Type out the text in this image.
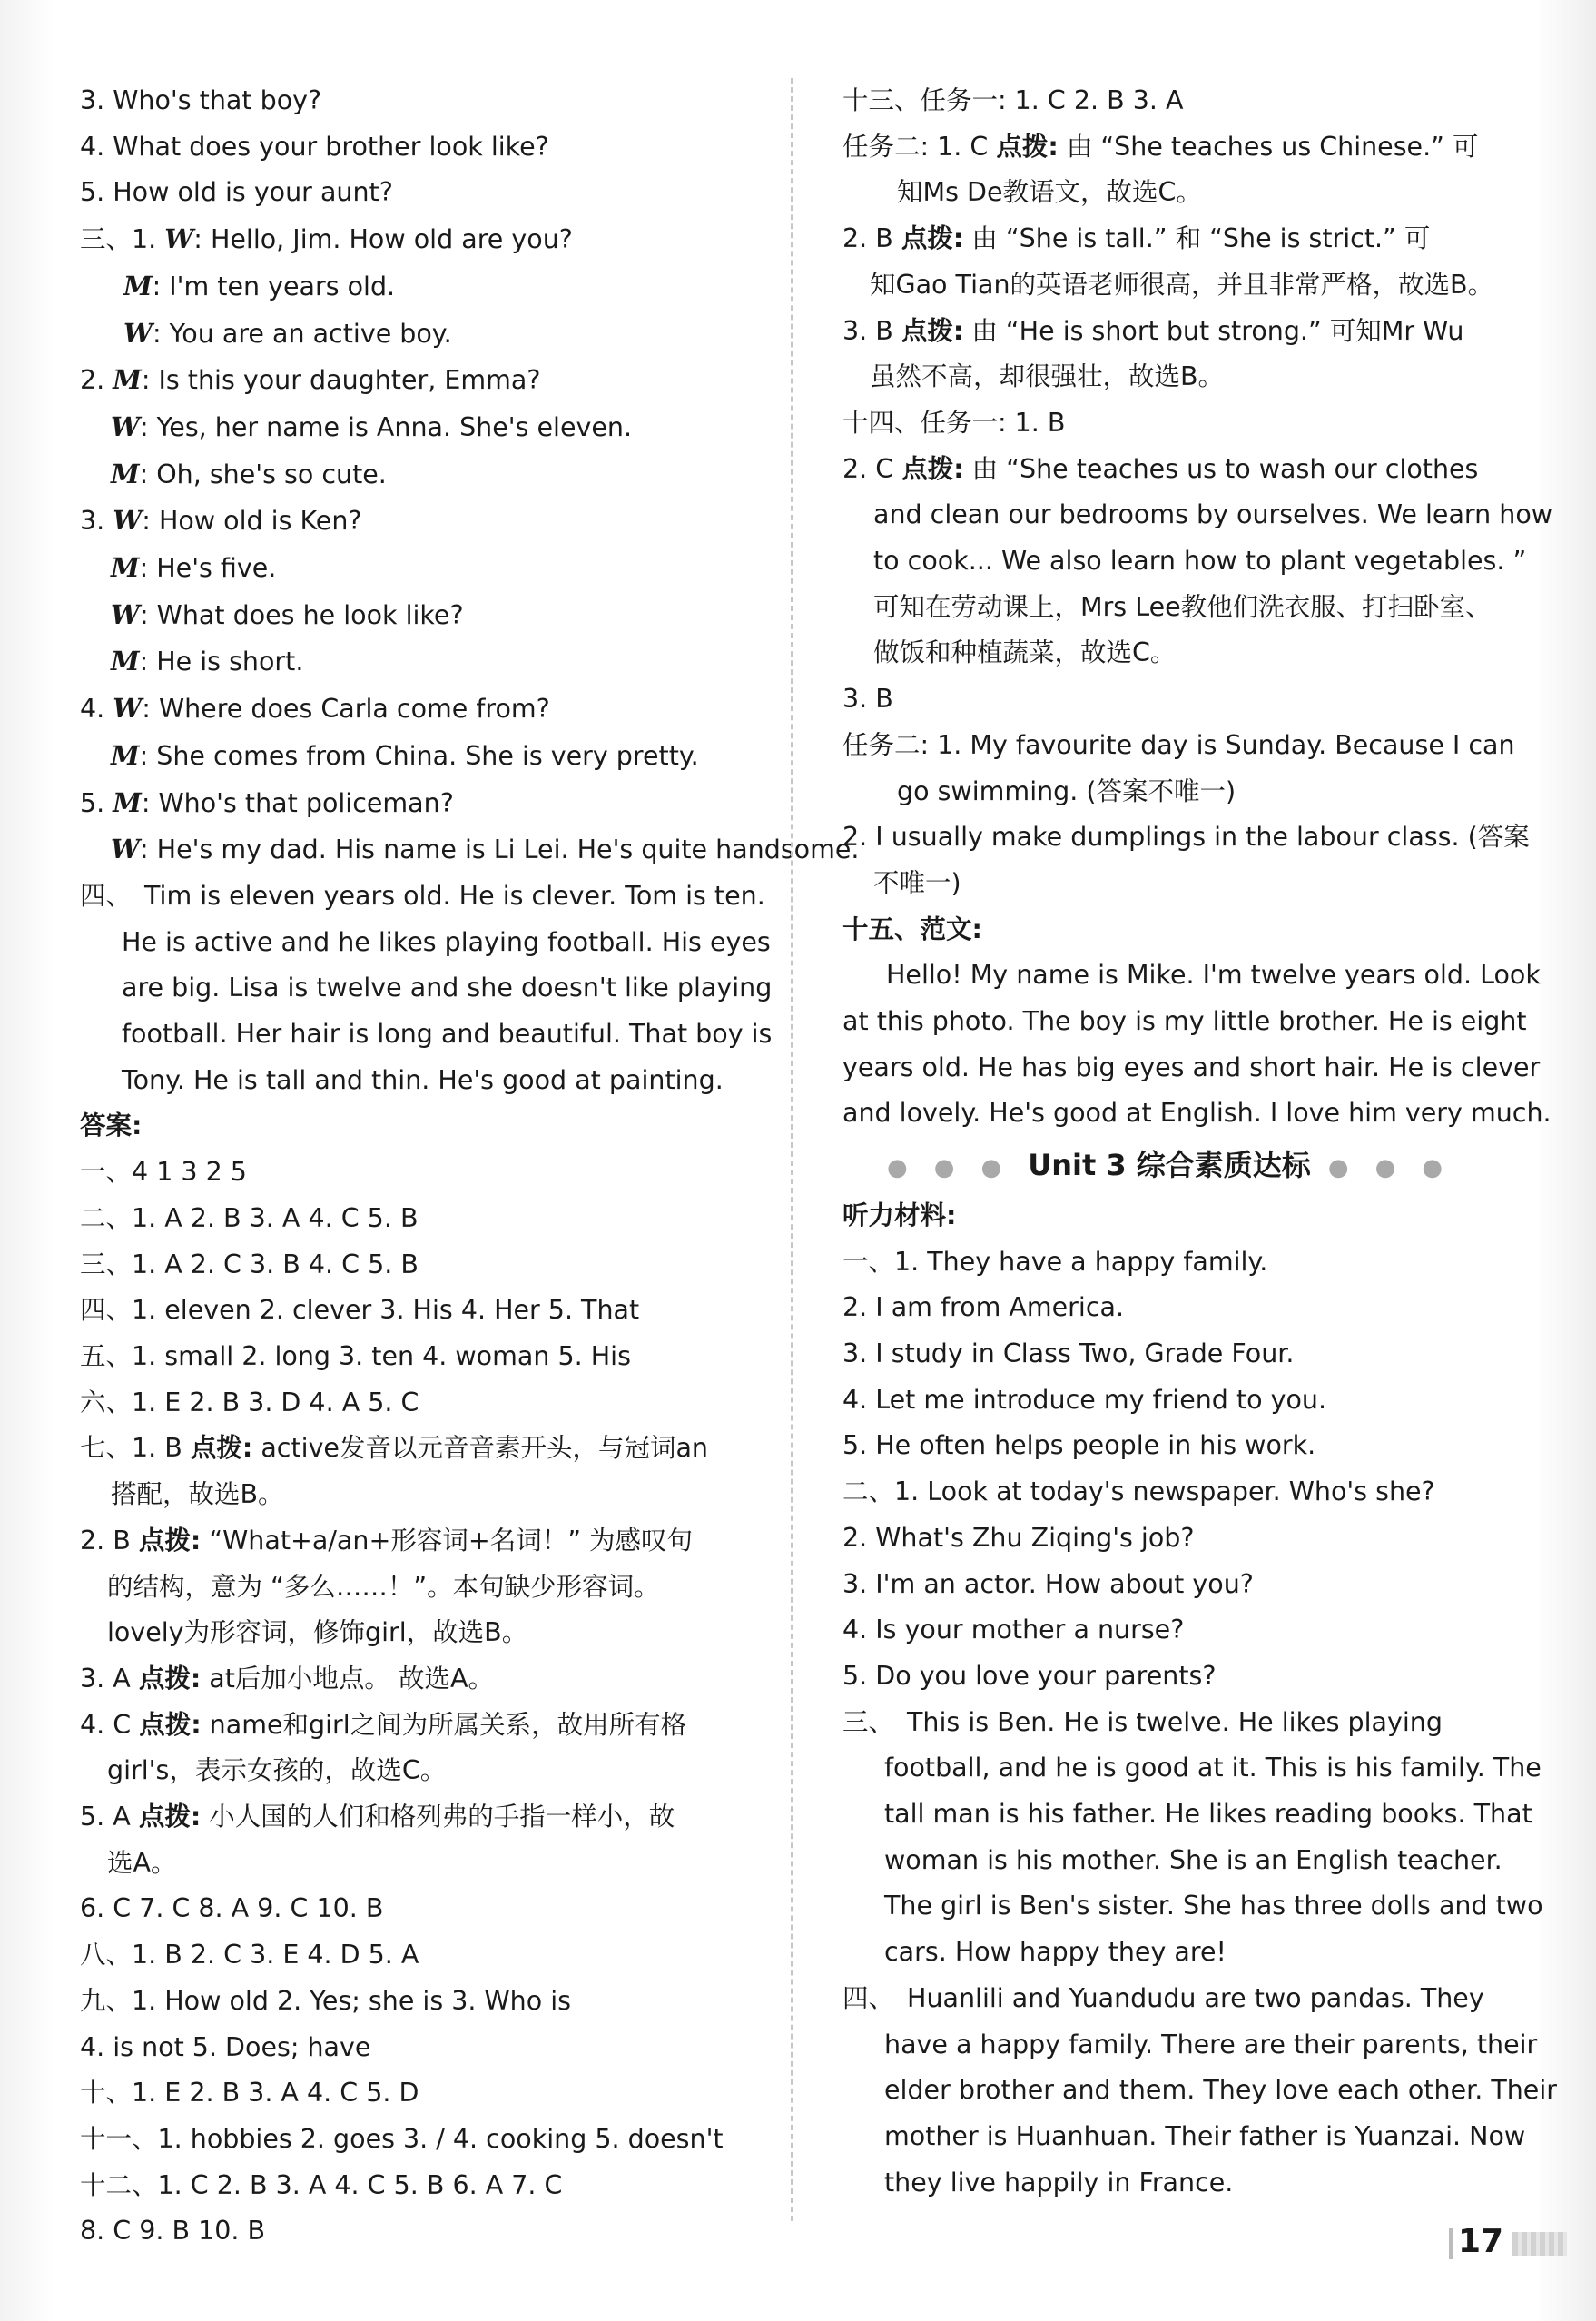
3. Who's that boy?
4. What does your brother look like?
5. How old is your aunt?
三、1. W: Hello, Jim. How old are you?
M: I'm ten years old.
W: You are an active boy.
2. M: Is this your daughter, Emma?
W: Yes, her name is Anna. She's eleven.
M: Oh, she's so cute.
3. W: How old is Ken?
M: He's five.
W: What does he look like?
M: He is short.
4. W: Where does Carla come from?
M: She comes from China. She is very pretty.
5. M: Who's that policeman?
W: He's my dad. His name is Li Lei. He's quite handsome.
四、 Tim is eleven years old. He is clever. Tom is ten.
He is active and he likes playing football. His eyes
are big. Lisa is twelve and she doesn't like playing
football. Her hair is long and beautiful. That boy is
Tony. He is tall and thin. He's good at painting.
答案:
一、4 1 3 2 5
二、1. A 2. B 3. A 4. C 5. B
三、1. A 2. C 3. B 4. C 5. B
四、1. eleven 2. clever 3. His 4. Her 5. That
五、1. small 2. long 3. ten 4. woman 5. His
六、1. E 2. B 3. D 4. A 5. C
七、1. B 点拨: active发音以元音音素开头，与冠词an
搭配，故选B。
2. B 点拨: “What+a/an+形容词+名词！” 为感叹句
的结构，意为 “多么……！”。本句缺少形容词。
lovely为形容词，修饰girl，故选B。
3. A 点拨: at后加小地点。 故选A。
4. C 点拨: name和girl之间为所属关系，故用所有格
girl's，表示女孩的，故选C。
5. A 点拨: 小人国的人们和格列弗的手指一样小，故
选A。
6. C 7. C 8. A 9. C 10. B
八、1. B 2. C 3. E 4. D 5. A
九、1. How old 2. Yes; she is 3. Who is
4. is not 5. Does; have
十、1. E 2. B 3. A 4. C 5. D
十一、1. hobbies 2. goes 3. / 4. cooking 5. doesn't
十二、1. C 2. B 3. A 4. C 5. B 6. A 7. C
8. C 9. B 10. B
十三、任务一: 1. C 2. B 3. A
任务二: 1. C 点拨: 由 “She teaches us Chinese.” 可
知Ms De教语文，故选C。
2. B 点拨: 由 “She is tall.” 和 “She is strict.” 可
知Gao Tian的英语老师很高，并且非常严格，故选B。
3. B 点拨: 由 “He is short but strong.” 可知Mr Wu
虽然不高，却很强壮，故选B。
十四、任务一: 1. B
2. C 点拨: 由 “She teaches us to wash our clothes
and clean our bedrooms by ourselves. We learn how
to cook... We also learn how to plant vegetables. ”
可知在劳动课上，Mrs Lee教他们洗衣服、打扫卧室、
做饭和种植蔬菜，故选C。
3. B
任务二: 1. My favourite day is Sunday. Because I can
go swimming. (答案不唯一)
2. I usually make dumplings in the labour class. (答案
不唯一)
十五、范文:
Hello! My name is Mike. I'm twelve years old. Look
at this photo. The boy is my little brother. He is eight
years old. He has big eyes and short hair. He is clever
and lovely. He's good at English. I love him very much.
● ● ● Unit 3 综合素质达标 ● ● ●
听力材料:
一、1. They have a happy family.
2. I am from America.
3. I study in Class Two, Grade Four.
4. Let me introduce my friend to you.
5. He often helps people in his work.
二、1. Look at today's newspaper. Who's she?
2. What's Zhu Ziqing's job?
3. I'm an actor. How about you?
4. Is your mother a nurse?
5. Do you love your parents?
三、 This is Ben. He is twelve. He likes playing
football, and he is good at it. This is his family. The
tall man is his father. He likes reading books. That
woman is his mother. She is an English teacher.
The girl is Ben's sister. She has three dolls and two
cars. How happy they are!
四、 Huanlili and Yuandudu are two pandas. They
have a happy family. There are their parents, their
elder brother and them. They love each other. Their
mother is Huanhuan. Their father is Yuanzai. Now
they live happily in France.
17
